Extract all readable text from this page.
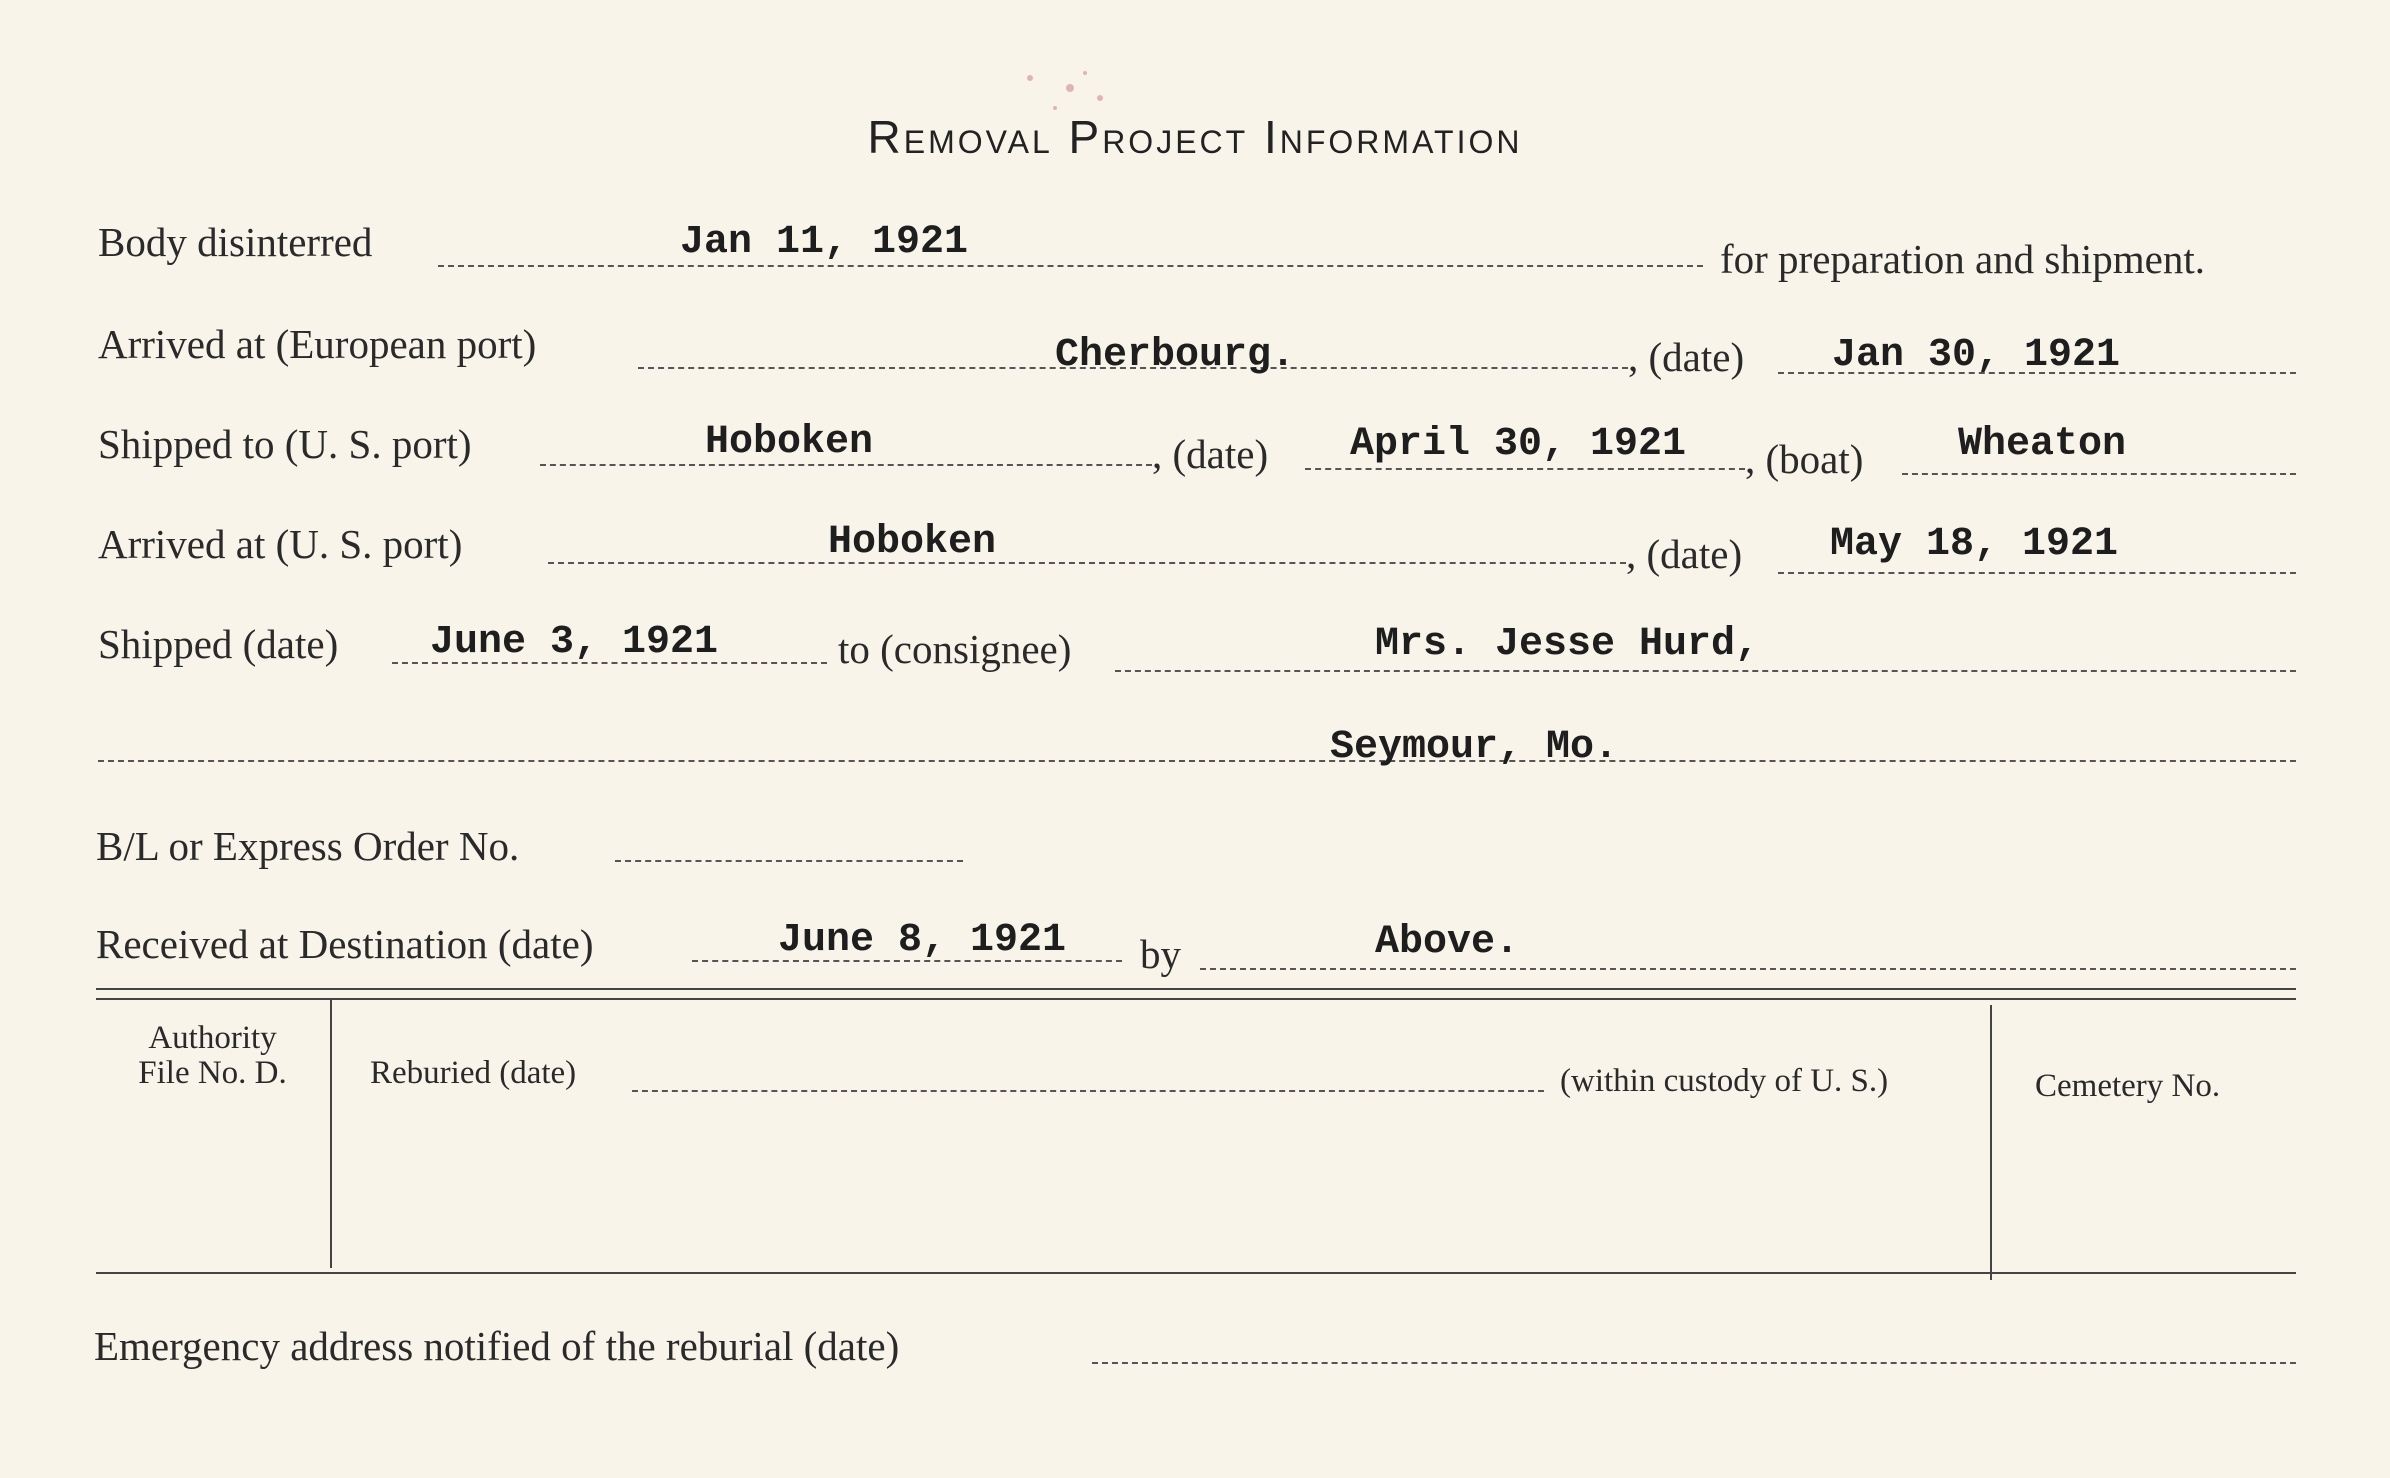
Removal Project Information
Body disinterred	Jan 11, 1921	for preparation and shipment.
Arrived at (European port)	Cherbourg.	, (date) Jan 30, 1921
Shipped to (U. S. port)	Hoboken	, (date) April 30, 1921 , (boat) Wheaton
Arrived at (U. S. port)	Hoboken	, (date) May 18, 1921
Shipped (date) June 3, 1921	to (consignee)	Mrs. Jesse Hurd,
Seymour, Mo.
B/L or Express Order No.
Received at Destination (date)	June 8, 1921 by	Above.
Authority
File No. D.	Reburied (date)	(within custody of U. S.)	Cemetery No.
Emergency address notified of the reburial (date)
